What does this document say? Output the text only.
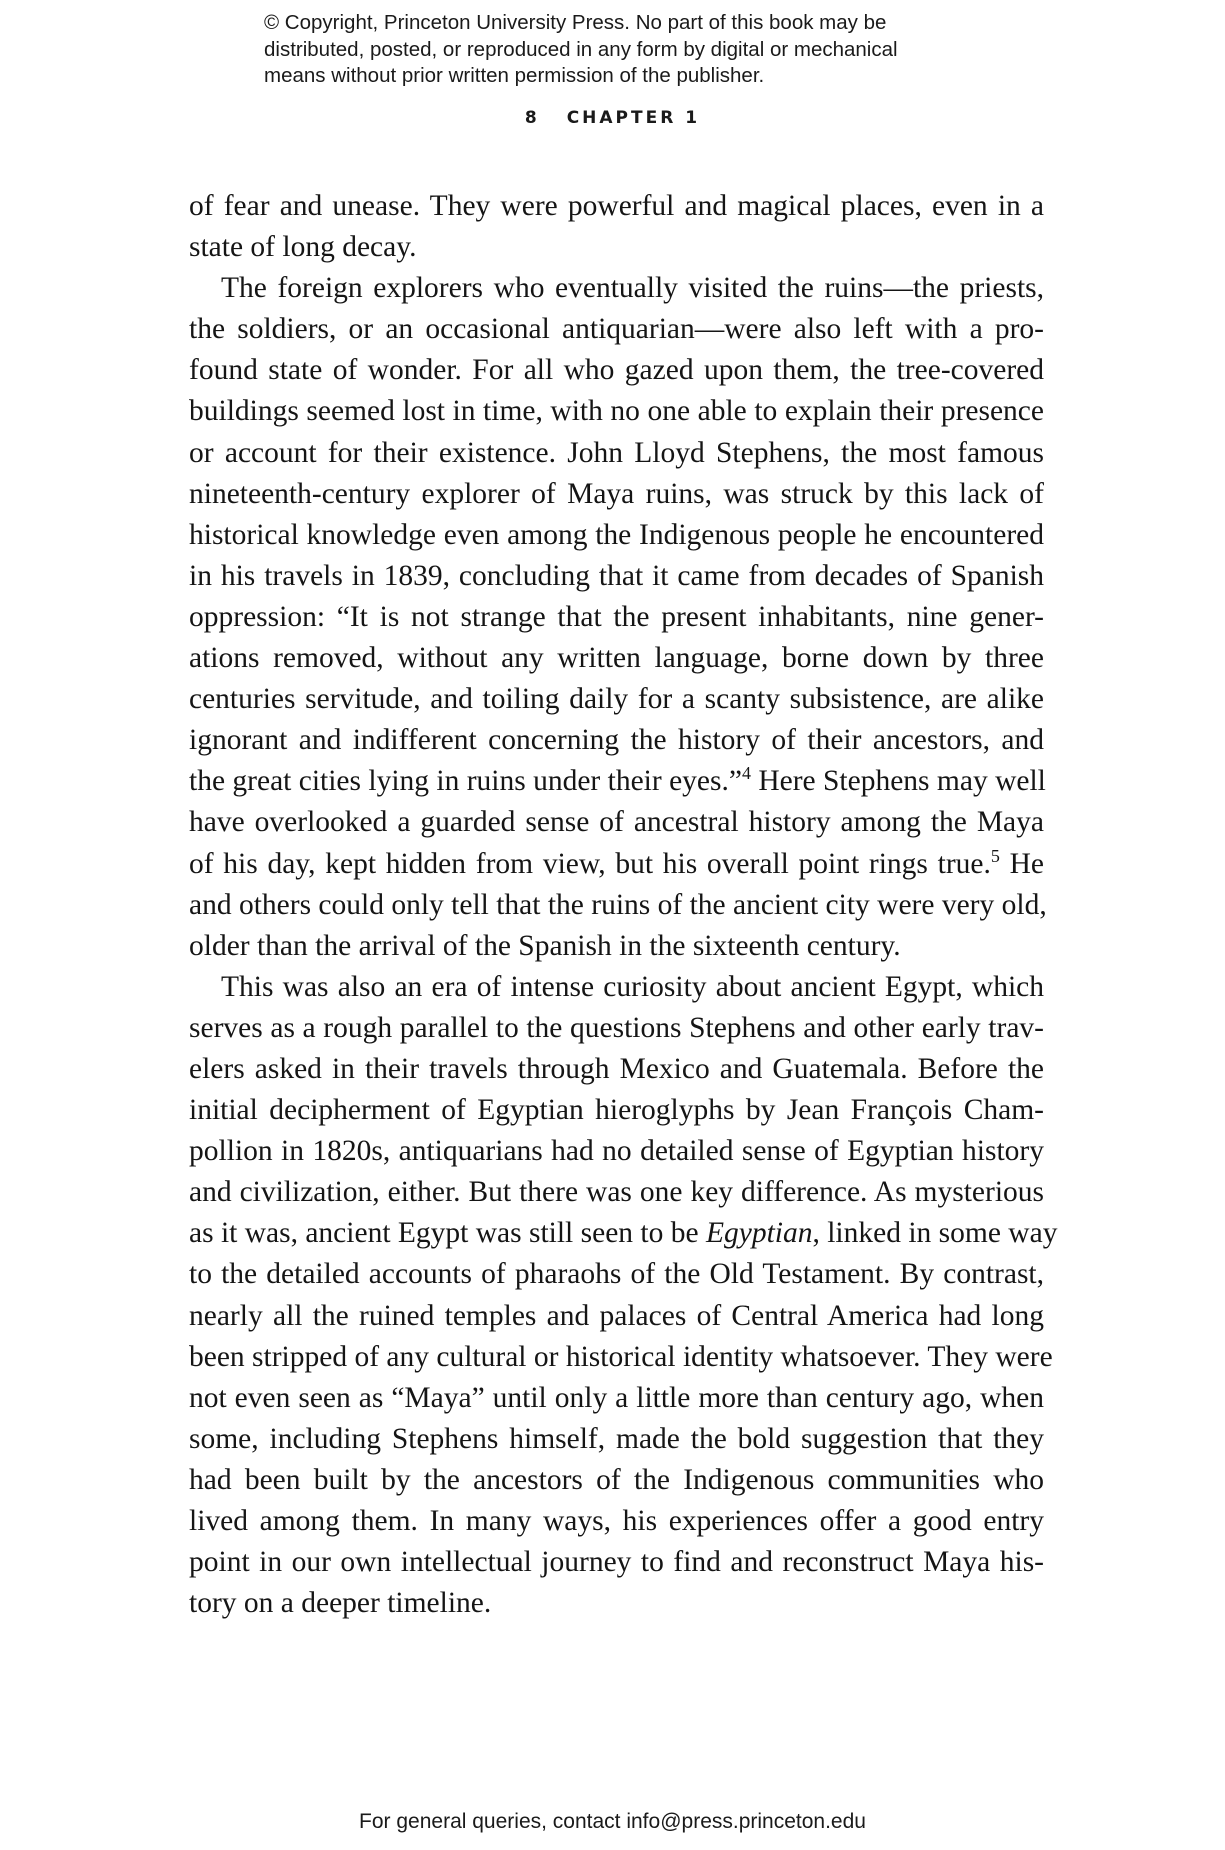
© Copyright, Princeton University Press. No part of this book may be
distributed, posted, or reproduced in any form by digital or mechanical
means without prior written permission of the publisher.
8 CHAPTER 1
of fear and unease. They were powerful and magical places, even in a
state of long decay.
The foreign explorers who eventually visited the ruins—the priests,
the soldiers, or an occasional antiquarian—were also left with a pro-
found state of wonder. For all who gazed upon them, the tree-covered
buildings seemed lost in time, with no one able to explain their presence
or account for their existence. John Lloyd Stephens, the most famous
nineteenth-century explorer of Maya ruins, was struck by this lack of
historical knowledge even among the Indigenous people he encountered
in his travels in 1839, concluding that it came from decades of Spanish
oppression: “It is not strange that the present inhabitants, nine gener-
ations removed, without any written language, borne down by three
centuries servitude, and toiling daily for a scanty subsistence, are alike
ignorant and indifferent concerning the history of their ancestors, and
the great cities lying in ruins under their eyes.”$^4$ Here Stephens may well
have overlooked a guarded sense of ancestral history among the Maya
of his day, kept hidden from view, but his overall point rings true.$^5$ He
and others could only tell that the ruins of the ancient city were very old,
older than the arrival of the Spanish in the sixteenth century.
This was also an era of intense curiosity about ancient Egypt, which
serves as a rough parallel to the questions Stephens and other early trav-
elers asked in their travels through Mexico and Guatemala. Before the
initial decipherment of Egyptian hieroglyphs by Jean François Cham-
pollion in 1820s, antiquarians had no detailed sense of Egyptian history
and civilization, either. But there was one key difference. As mysterious
as it was, ancient Egypt was still seen to be Egyptian, linked in some way
to the detailed accounts of pharaohs of the Old Testament. By contrast,
nearly all the ruined temples and palaces of Central America had long
been stripped of any cultural or historical identity whatsoever. They were
not even seen as “Maya” until only a little more than century ago, when
some, including Stephens himself, made the bold suggestion that they
had been built by the ancestors of the Indigenous communities who
lived among them. In many ways, his experiences offer a good entry
point in our own intellectual journey to find and reconstruct Maya his-
tory on a deeper timeline.
For general queries, contact info@press.princeton.edu
